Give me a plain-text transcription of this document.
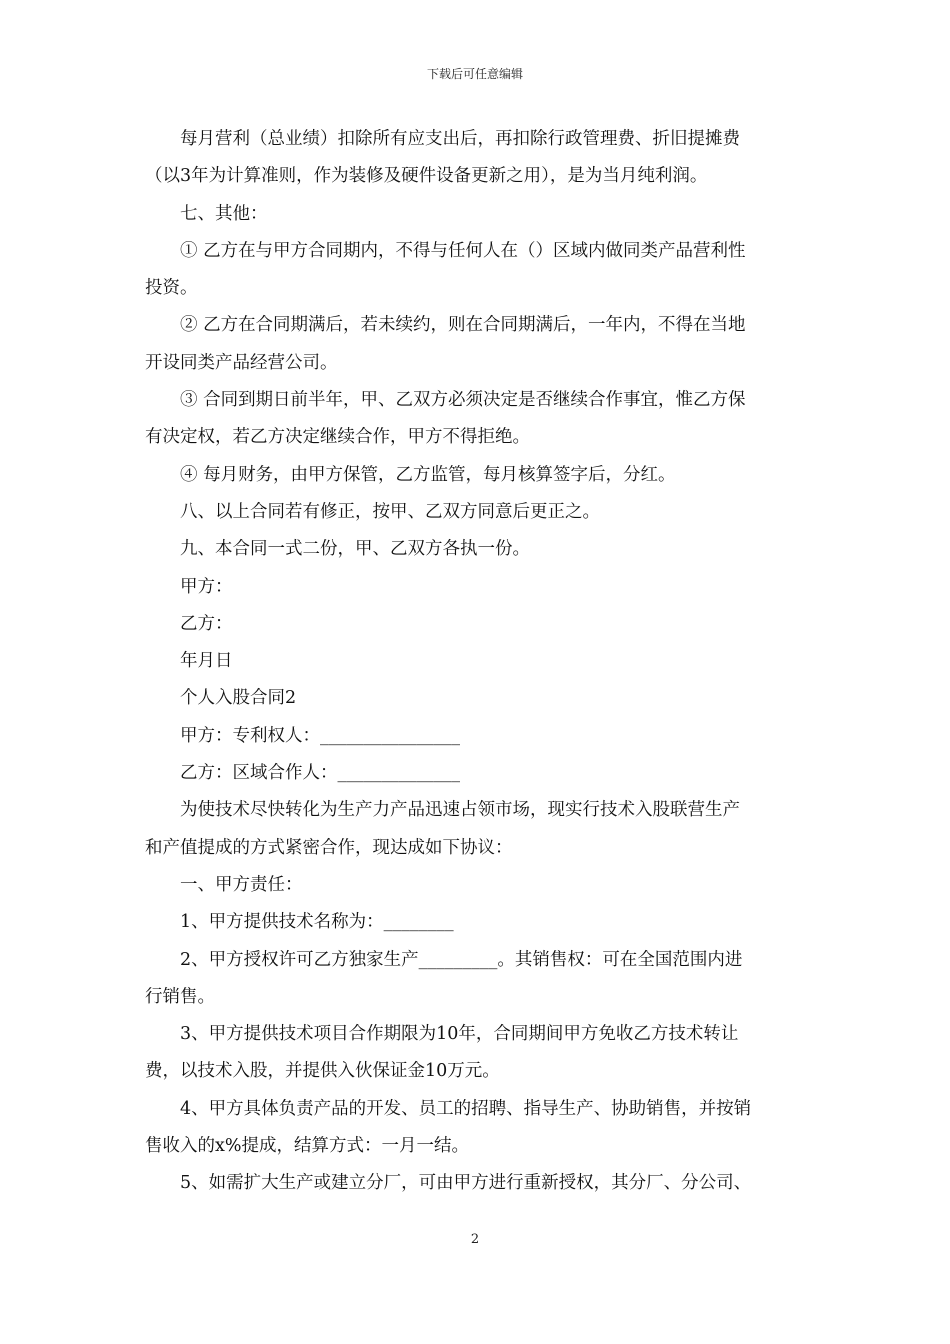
下载后可任意编辑
每月营利（总业绩）扣除所有应支出后，再扣除行政管理费、折旧提摊费
（以3年为计算准则，作为装修及硬件设备更新之用），是为当月纯利润。
七、其他：
① 乙方在与甲方合同期内，不得与任何人在（）区域内做同类产品营利性
投资。
② 乙方在合同期满后，若未续约，则在合同期满后，一年内，不得在当地
开设同类产品经营公司。
③ 合同到期日前半年，甲、乙双方必须决定是否继续合作事宜，惟乙方保
有决定权，若乙方决定继续合作，甲方不得拒绝。
④ 每月财务，由甲方保管，乙方监管，每月核算签字后，分红。
八、以上合同若有修正，按甲、乙双方同意后更正之。
九、本合同一式二份，甲、乙双方各执一份。
甲方：
乙方：
年月日
个人入股合同2
甲方：专利权人：________________
乙方：区域合作人：______________
为使技术尽快转化为生产力产品迅速占领市场，现实行技术入股联营生产
和产值提成的方式紧密合作，现达成如下协议：
一、甲方责任：
1、甲方提供技术名称为：________
2、甲方授权许可乙方独家生产_________。其销售权：可在全国范围内进
行销售。
3、甲方提供技术项目合作期限为10年，合同期间甲方免收乙方技术转让
费，以技术入股，并提供入伙保证金10万元。
4、甲方具体负责产品的开发、员工的招聘、指导生产、协助销售，并按销
售收入的x%提成，结算方式：一月一结。
5、如需扩大生产或建立分厂，可由甲方进行重新授权，其分厂、分公司、
2
